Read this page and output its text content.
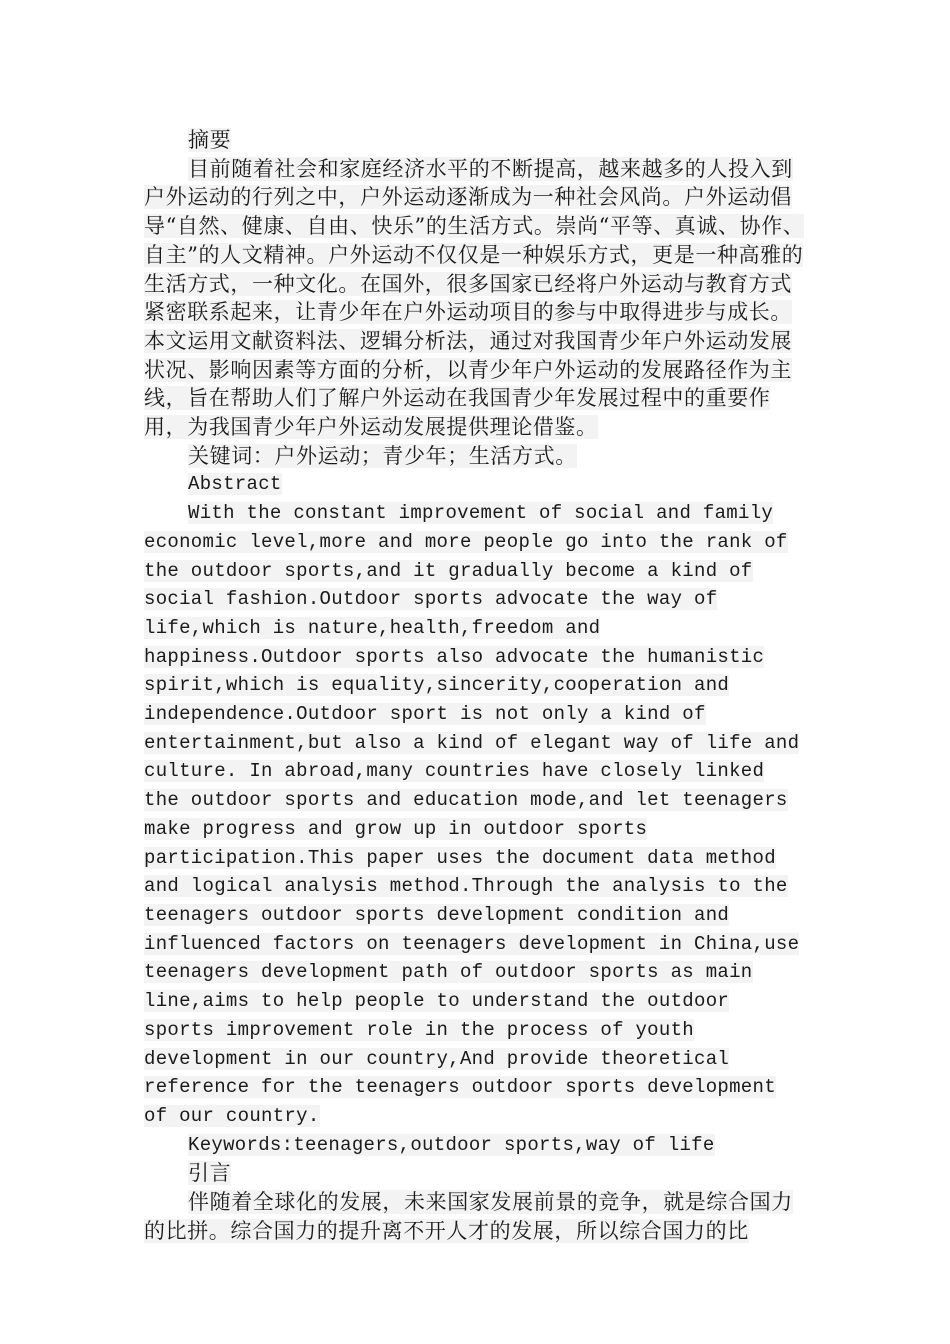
摘要

目前随着社会和家庭经济水平的不断提高，越来越多的人投入到户外运动的行列之中，户外运动逐渐成为一种社会风尚。户外运动倡导“自然、健康、自由、快乐”的生活方式。崇尚“平等、真诚、协作、自主”的人文精神。户外运动不仅仅是一种娱乐方式，更是一种高雅的生活方式，一种文化。在国外，很多国家已经将户外运动与教育方式紧密联系起来，让青少年在户外运动项目的参与中取得进步与成长。本文运用文献资料法、逻辑分析法，通过对我国青少年户外运动发展状况、影响因素等方面的分析，以青少年户外运动的发展路径作为主线，旨在帮助人们了解户外运动在我国青少年发展过程中的重要作用，为我国青少年户外运动发展提供理论借鉴。

关键词：户外运动；青少年；生活方式。

Abstract

With the constant improvement of social and family economic level,more and more people go into the rank of the outdoor sports,and it gradually become a kind of social fashion.Outdoor sports advocate the way of life,which is nature,health,freedom and happiness.Outdoor sports also advocate the humanistic spirit,which is equality,sincerity,cooperation and independence.Outdoor sport is not only a kind of entertainment,but also a kind of elegant way of life and culture. In abroad,many countries have closely linked the outdoor sports and education mode,and let teenagers make progress and grow up in outdoor sports participation.This paper uses the document data method and logical analysis method.Through the analysis to the teenagers outdoor sports development condition and influenced factors on teenagers development in China,use teenagers development path of outdoor sports as main line,aims to help people to understand the outdoor sports improvement role in the process of youth development in our country,And provide theoretical reference for the teenagers outdoor sports development of our country.

Keywords:teenagers,outdoor sports,way of life

引言

伴随着全球化的发展，未来国家发展前景的竞争，就是综合国力的比拼。综合国力的提升离不开人才的发展，所以综合国力的比
